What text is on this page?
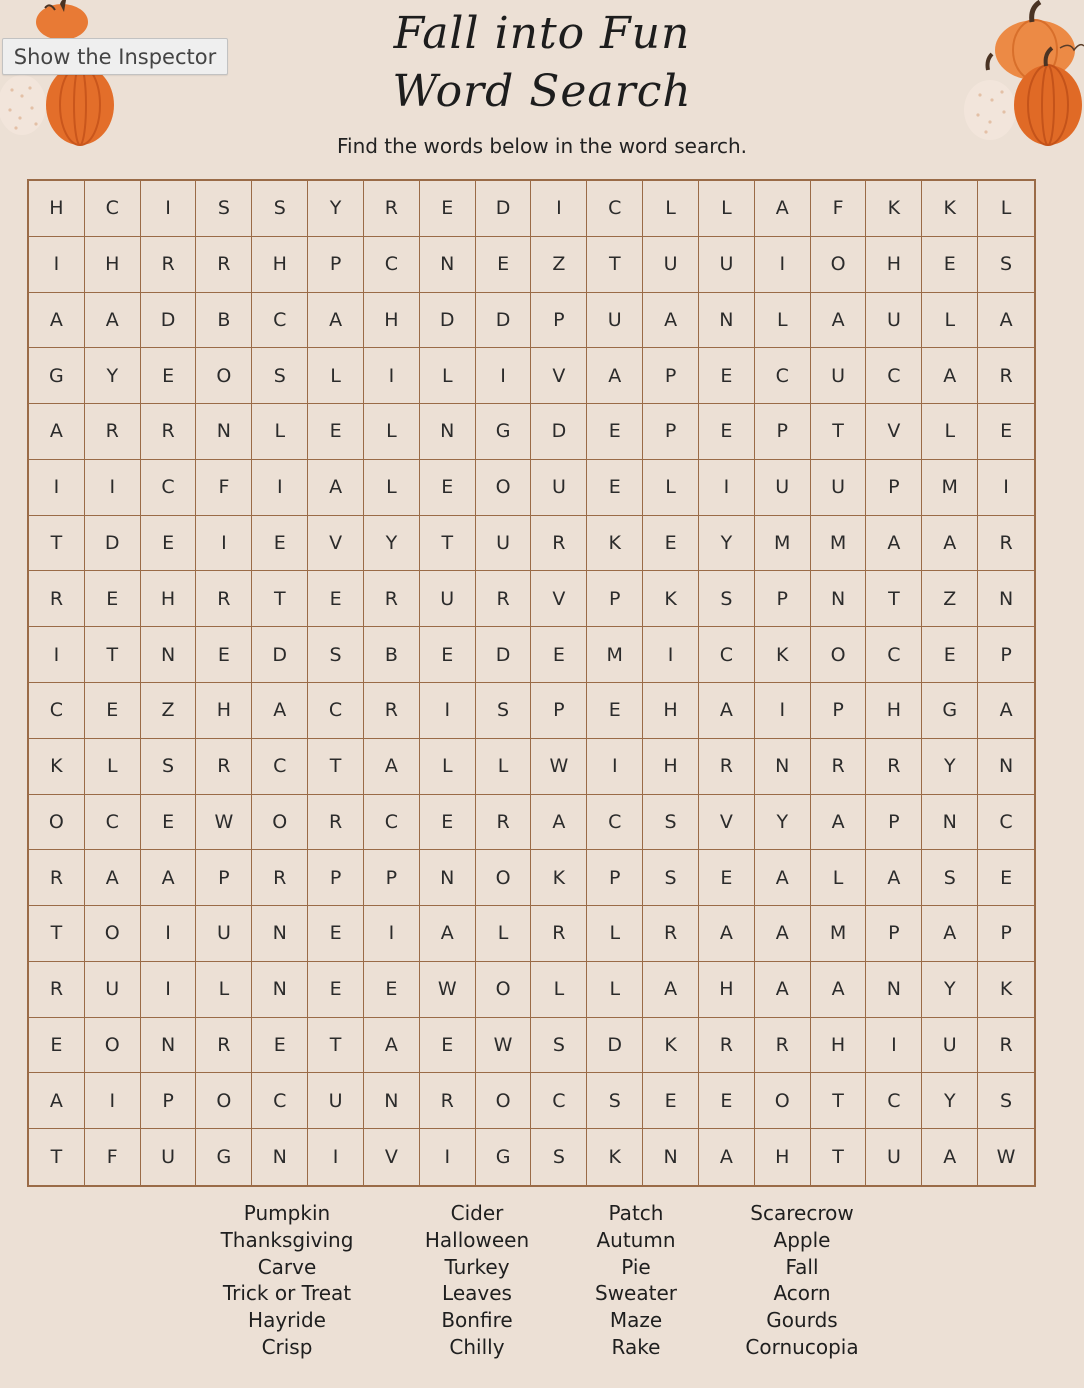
Show the Inspector	Fall into Fun
Word Search
Find the words below in the word search.
H	C	I	S	S	Y	R	E	D	I	C	L	L	A	F	K	K	L
I	H	R	R	H	P	C	N	E	Z	T	U	U	I	O	H	E	S
A	A	D	B	C	A	H	D	D	P	U	A	N	L	A	U	L	A
G	Y	E	O	S	L	I	L	I	V	A	P	E	C	U	C	A	R
A	R	R	N	L	E	L	N	G	D	E	P	E	P	T	V	L	E
I	I	C	F	I	A	L	E	O	U	E	L	I	U	U	P	M	I
T	D	E	I	E	V	Y	T	U	R	K	E	Y	M	M	A	A	R
R	E	H	R	T	E	R	U	R	V	P	K	S	P	N	T	Z	N
I	T	N	E	D	S	B	E	D	E	M	I	C	K	O	C	E	P
C	E	Z	H	A	C	R	I	S	P	E	H	A	I	P	H	G	A
K	L	S	R	C	T	A	L	L	W	I	H	R	N	R	R	Y	N
O	C	E	W	O	R	C	E	R	A	C	S	V	Y	A	P	N	C
R	A	A	P	R	P	P	N	O	K	P	S	E	A	L	A	S	E
T	O	I	U	N	E	I	A	L	R	L	R	A	A	M	P	A	P
R	U	I	L	N	E	E	W	O	L	L	A	H	A	A	N	Y	K
E	O	N	R	E	T	A	E	W	S	D	K	R	R	H	I	U	R
A	I	P	O	C	U	N	R	O	C	S	E	E	O	T	C	Y	S
T	F	U	G	N	I	V	I	G	S	K	N	A	H	T	U	A	W
Pumpkin
Thanksgiving
Carve
Trick or Treat
Hayride
Crisp
Cider
Halloween
Turkey
Leaves
Bonfire
Chilly
Patch
Autumn
Pie
Sweater
Maze
Rake
Scarecrow
Apple
Fall
Acorn
Gourds
Cornucopia
